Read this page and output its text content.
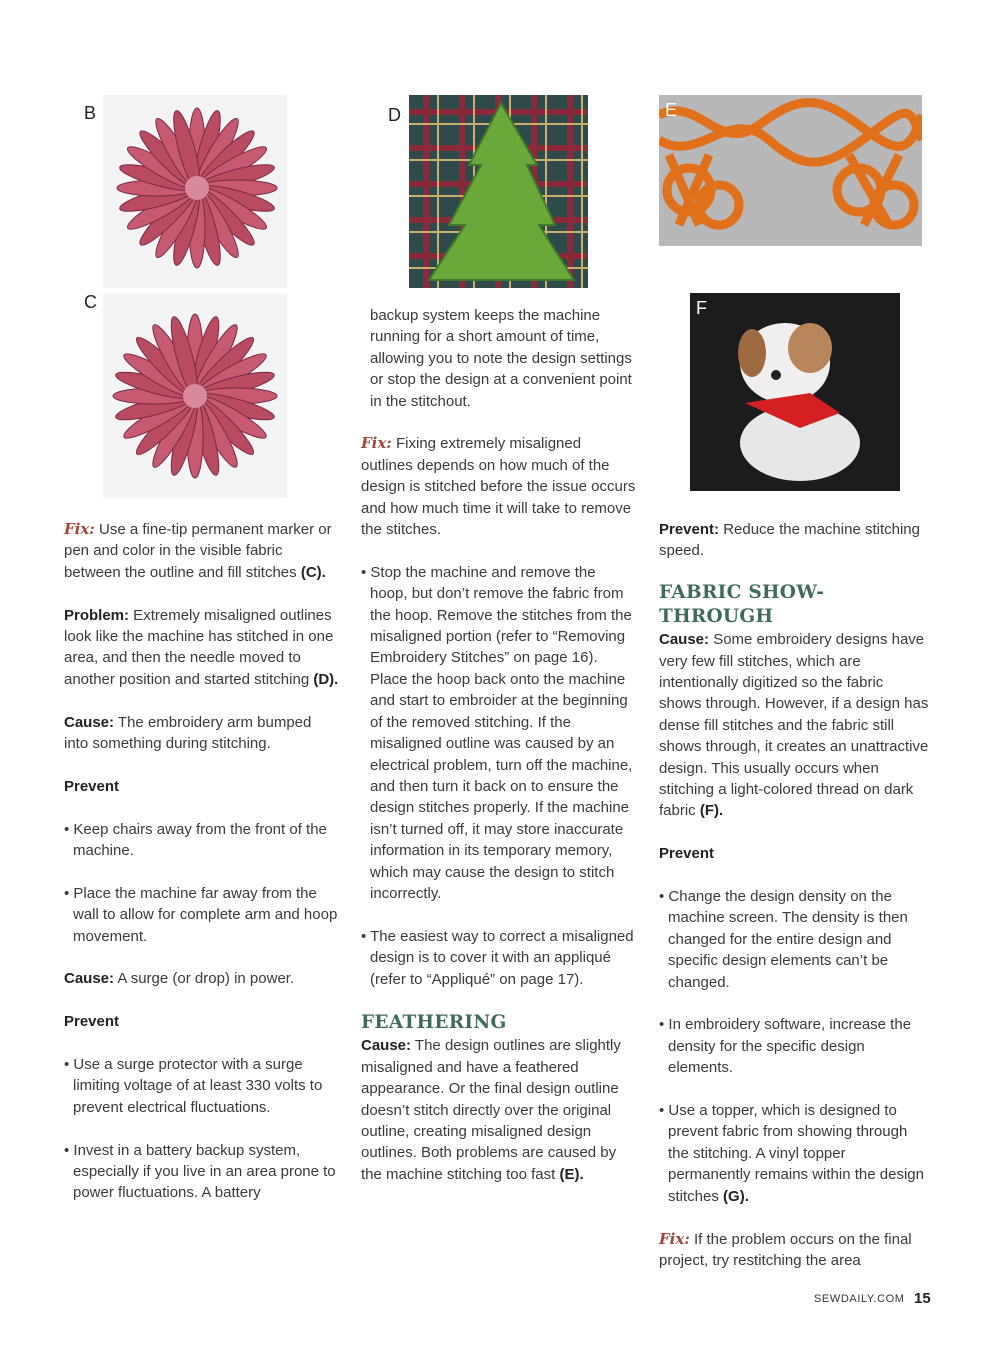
B
C
D	E
F

Fix: Use a fine-tip permanent marker or pen and color in the visible fabric between the outline and fill stitches (C).

Problem: Extremely misaligned outlines look like the machine has stitched in one area, and then the needle moved to another position and started stitching (D).

Cause: The embroidery arm bumped into something during stitching.

Prevent

• Keep chairs away from the front of the machine.

• Place the machine far away from the wall to allow for complete arm and hoop movement.

Cause: A surge (or drop) in power.

Prevent

• Use a surge protector with a surge limiting voltage of at least 330 volts to prevent electrical fluctuations.

• Invest in a battery backup system, especially if you live in an area prone to power fluctuations. A battery

backup system keeps the machine running for a short amount of time, allowing you to note the design settings or stop the design at a convenient point in the stitchout.

Fix: Fixing extremely misaligned outlines depends on how much of the design is stitched before the issue occurs and how much time it will take to remove the stitches.

• Stop the machine and remove the hoop, but don’t remove the fabric from the hoop. Remove the stitches from the misaligned portion (refer to “Removing Embroidery Stitches” on page 16). Place the hoop back onto the machine and start to embroider at the beginning of the removed stitching. If the misaligned outline was caused by an electrical problem, turn off the machine, and then turn it back on to ensure the design stitches properly. If the machine isn’t turned off, it may store inaccurate information in its temporary memory, which may cause the design to stitch incorrectly.

• The easiest way to correct a misaligned design is to cover it with an appliqué (refer to “Appliqué” on page 17).

FEATHERING

Cause: The design outlines are slightly misaligned and have a feathered appearance. Or the final design outline doesn’t stitch directly over the original outline, creating misaligned design outlines. Both problems are caused by the machine stitching too fast (E).

Prevent: Reduce the machine stitching speed.

FABRIC SHOW-THROUGH

Cause: Some embroidery designs have very few fill stitches, which are intentionally digitized so the fabric shows through. However, if a design has dense fill stitches and the fabric still shows through, it creates an unattractive design. This usually occurs when stitching a light-colored thread on dark fabric (F).

Prevent

• Change the design density on the machine screen. The density is then changed for the entire design and specific design elements can’t be changed.

• In embroidery software, increase the density for the specific design elements.

• Use a topper, which is designed to prevent fabric from showing through the stitching. A vinyl topper permanently remains within the design stitches (G).

Fix: If the problem occurs on the final project, try restitching the area

SEWDAILY.COM 15
